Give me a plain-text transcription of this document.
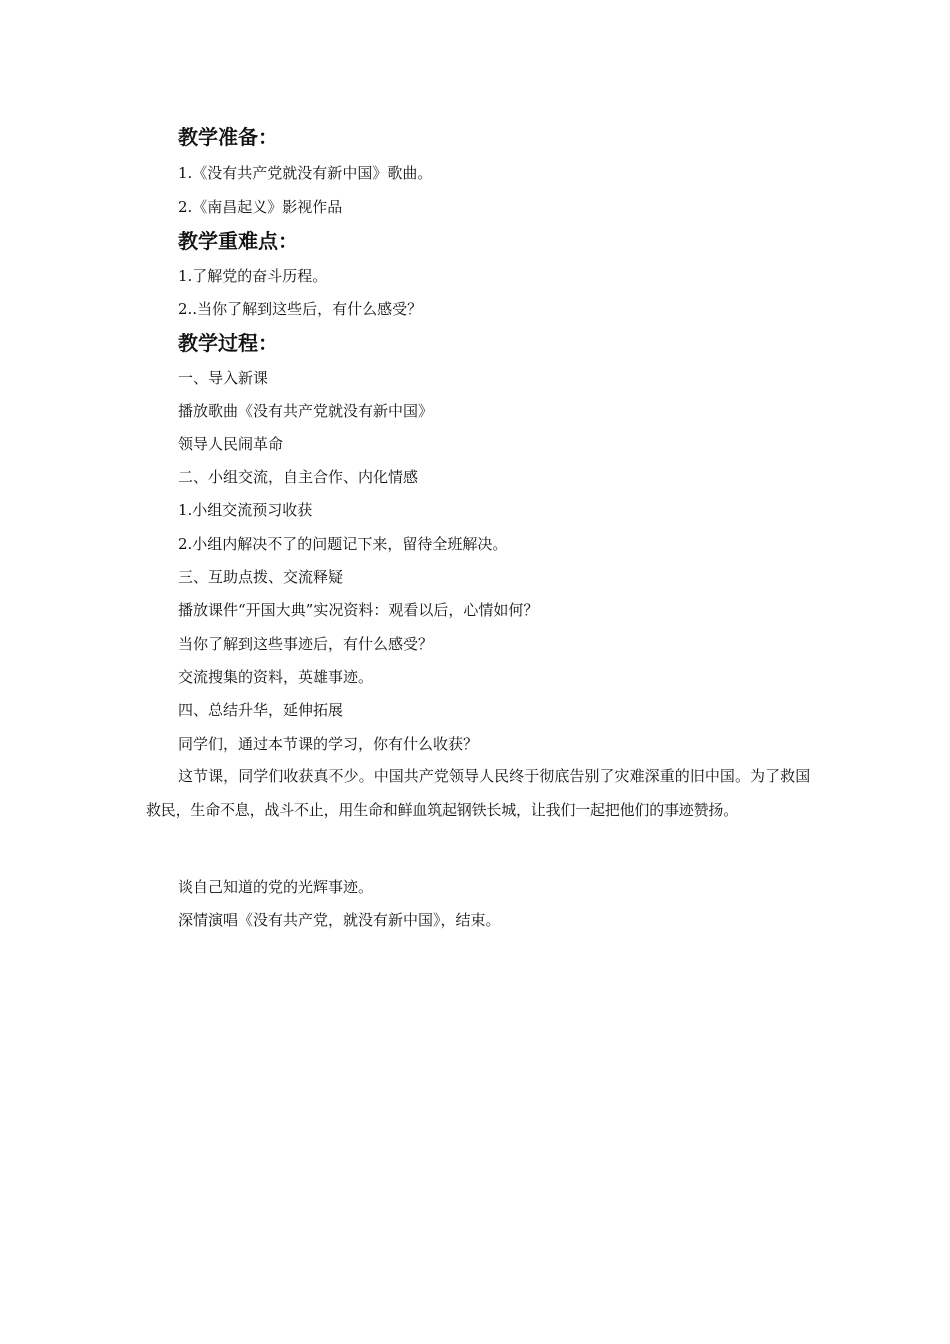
教学准备：

1.《没有共产党就没有新中国》歌曲。

2.《南昌起义》影视作品

教学重难点：

1.了解党的奋斗历程。

2..当你了解到这些后，有什么感受？

教学过程：

一、导入新课

播放歌曲《没有共产党就没有新中国》

领导人民闹革命

二、小组交流，自主合作、内化情感

1.小组交流预习收获

2.小组内解决不了的问题记下来，留待全班解决。

三、互助点拨、交流释疑

播放课件“开国大典”实况资料：观看以后，心情如何？

当你了解到这些事迹后，有什么感受？

交流搜集的资料，英雄事迹。

四、总结升华，延伸拓展

同学们，通过本节课的学习，你有什么收获？

这节课，同学们收获真不少。中国共产党领导人民终于彻底告别了灾难深重的旧中国。为了救国救民，生命不息，战斗不止，用生命和鲜血筑起钢铁长城，让我们一起把他们的事迹赞扬。

谈自己知道的党的光辉事迹。

深情演唱《没有共产党，就没有新中国》，结束。
